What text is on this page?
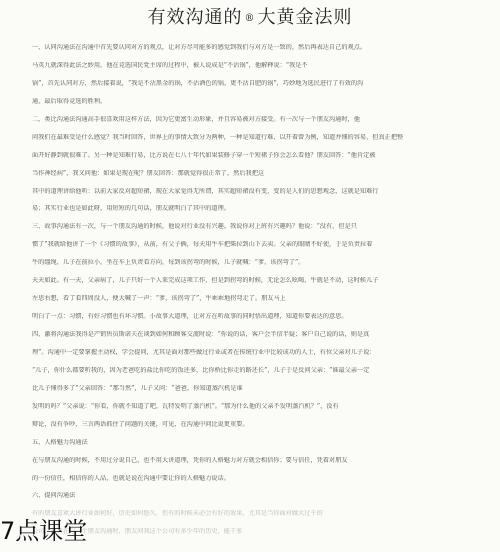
有效沟通的 ® 大黄金法则
一、认同沟通法在沟通中首先要认同对方的观点，让对方尽可能多的感觉到我们与对方是一致的，然后再表达自己的观点。
马英九就深得此法之妙用，他在竞选国民党主席的过程中，被人说成是“不沾锅”，他解释说：“我是不
锅”，首先认同对方，然后接着说，“我是不沾黑金的锅，不沾酒色的锅，更不沾自肥的锅”，巧妙地为选民进行了有效的沟
通，最后取得竞选的胜利。
二、类比沟通法沟通高手很喜欢用这样方法，因为它更富生动形象，并且容易被对方接受。有一次与一个朋友沟通时，他
问我们在最难受是什么感觉？我当时回答，世界上的事情大致分为两种，一种是知道行难，以开着曾为例，知道并懂的容易，但真正把整
面开好静到就很难了。另一种是知难行易，比方说在七八十年代如果装修子穿一个短裙子你会怎么看他？朋友回答：“他肯定被
当作神经病”，我又问他：如果是现在呢？朋友回答：那就觉得很正常了，然后我把这
其中的道理讲给他听：以前大家反对超短裙，现在大家觉得无所谓，其实超短裙没有变，变的是人们的思想观念，这就是知难行
易；其实行业也是如此呀，用短短的几句话，朋友就明白了其中的道理。
三、故事沟通法有一次，与一个朋友沟通的时候，他说对行业没有兴趣。我说你对上班有兴趣吗？他说：“没有，但是只
惯了”我就给他讲了一个《习惯的故事》，从前，有父子俩，每天用牛车把柴拉到山下去卖。父亲的眼睛不好使，于是负责拉着
牛的缰绳，儿子在前拉小，坐在车上负责看方向，每到该拐弯的时候，儿子就喊：“爹，该拐弯了”。
天天如此。有一天，父亲病了，儿子只好一个人来完成这项工作，但是到拐弯的时候，无论怎么吆喝，牛就是不动，这时候儿子
左思右想，看了看四周没人，便大喊了一声：“爹，该拐弯了”，牛乖乖地拐弯走了。朋友马上
明白了一点：习惯，有好习惯也有坏习惯。小故事大道理，让对方在听故事的同时悟出道理，知道你要表达的意思。
四、激将沟通法我得是产销售员斯诺夫在谈到如何和顾客交流时说：“你说的话，客户会半信半疑；客户自己说的话，则是真
理”。沟通中一定要掌握主动权，学会提问，尤其是面对那些做过行业或者在传统行业中比较成功的人士，有位父亲对儿子说：
“儿子，你什么都要听我的，因为老爸吃的盐比你吃的饭还多，比你桥比你走的路还长”，儿子于是反问父亲：“谁最父亲一定
比儿子懂得多了”父亲回答：“那当然”，儿子又问：“爸爸，你知道蒸汽机是谁
发明的吗？”父亲说：“你看，你就不知道了吧，瓦特发明了蒸汽机”。“那为什么他的父亲不发明蒸汽机？”，没有
辩论，没有争吵，三言两语抓住了问题的关键，可见，在沟通中问比说更重要。
五、人格魅力沟通法
在与朋友沟通的时候，不用过分说自己，也不用大讲道理，凭你的人格魅力对方就会相信你；要与信任，凭着对朋友
的一份信任，相信你的人品，也就是说在沟通中要让你的人格魅力说话。
六、提问沟通法
有的朋友喜欢大讲行业如何好，历史如何悠久，但有的时候未必会有好的效果，尤其是当你面对做大过千的
公司，笔者在与一个朋友沟通时，朋友问我这个公司有多少年的历史，能干多
7点课堂
